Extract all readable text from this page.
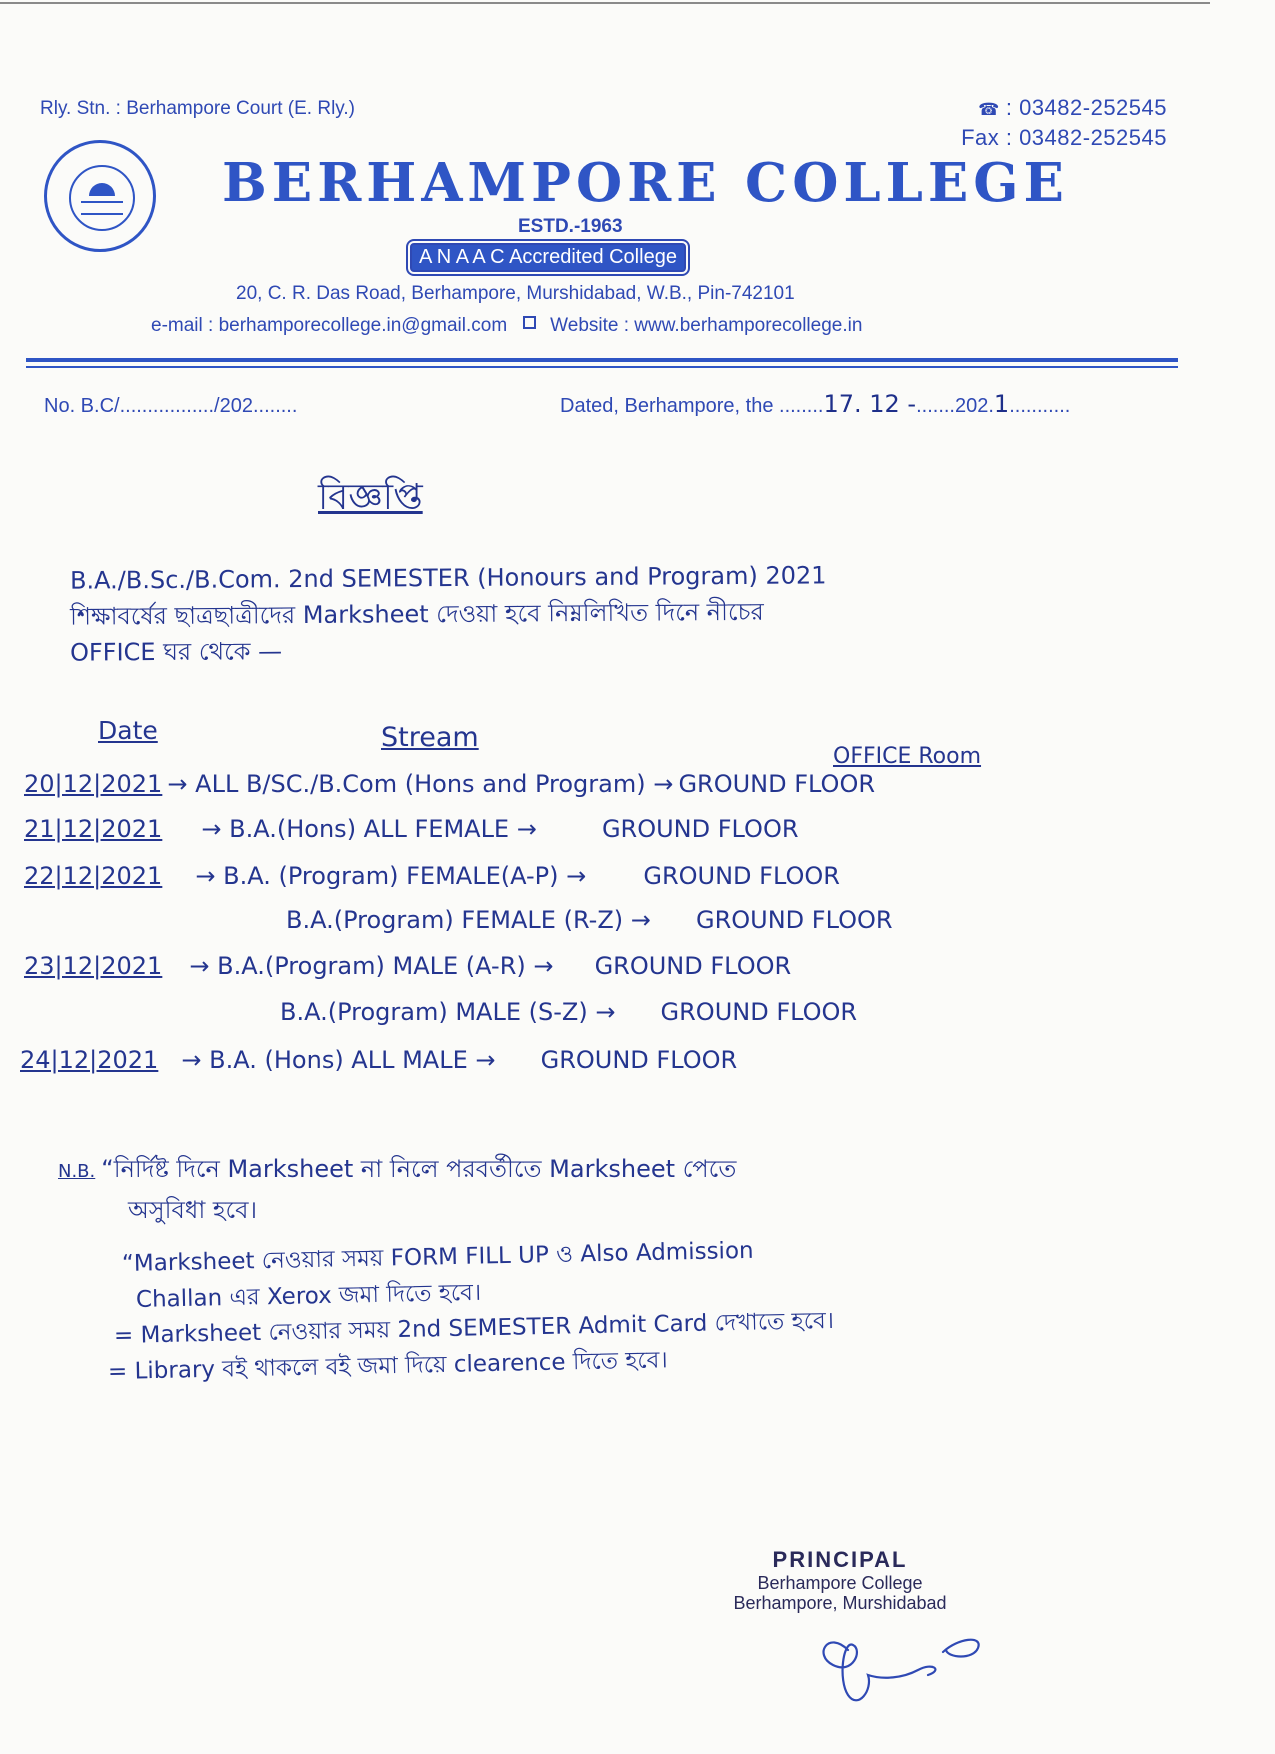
Rly. Stn. : Berhampore Court (E. Rly.)	☎ : 03482-252545
Fax : 03482-252545
BERHAMPORE COLLEGE
ESTD.-1963
A N A A C Accredited College
20, C. R. Das Road, Berhampore, Murshidabad, W.B., Pin-742101
e-mail : berhamporecollege.in@gmail.com Website : www.berhamporecollege.in
No. B.C/................./202........	Dated, Berhampore, the ........17. 12 -.......202.1...........
বিজ্ঞপ্তি
B.A./B.Sc./B.Com. 2nd SEMESTER (Honours and Program) 2021
শিক্ষাবর্ষের ছাত্রছাত্রীদের Marksheet দেওয়া হবে নিম্নলিখিত দিনে নীচের
OFFICE ঘর থেকে —
Date	Stream
OFFICE Room
20|12|2021 → ALL B/SC./B.Com (Hons and Program) → GROUND FLOOR
21|12|2021 → B.A.(Hons) ALL FEMALE →	GROUND FLOOR
22|12|2021 → B.A. (Program) FEMALE(A-P) → GROUND FLOOR
B.A.(Program) FEMALE (R-Z) → GROUND FLOOR
23|12|2021 → B.A.(Program) MALE (A-R) → GROUND FLOOR
B.A.(Program) MALE (S-Z) → GROUND FLOOR
24|12|2021 → B.A. (Hons) ALL MALE → GROUND FLOOR
N.B. “নির্দিষ্ট দিনে Marksheet না নিলে পরবর্তীতে Marksheet পেতে
অসুবিধা হবে।
“Marksheet নেওয়ার সময় FORM FILL UP ও Also Admission
Challan এর Xerox জমা দিতে হবে।
= Marksheet নেওয়ার সময় 2nd SEMESTER Admit Card দেখাতে হবে।
= Library বই থাকলে বই জমা দিয়ে clearence দিতে হবে।
PRINCIPAL
Berhampore College
Berhampore, Murshidabad
